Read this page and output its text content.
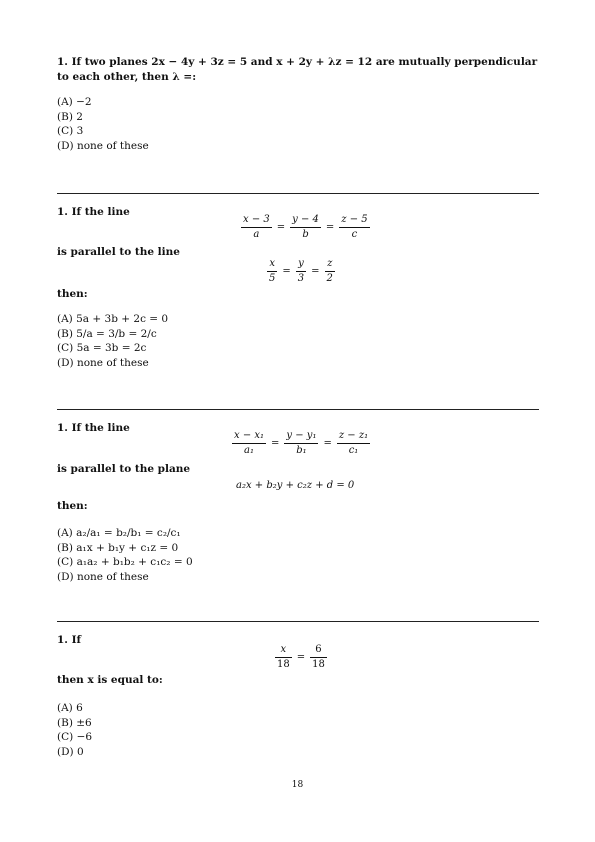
1. If two planes 2x − 4y + 3z = 5 and x + 2y + λz = 12 are mutually perpendicular to each other, then λ =:
(A) −2
(B) 2
(C) 3
(D) none of these
1. If the line
$\frac{x - 3}{a} = \frac{y - 4}{b} = \frac{z - 5}{c}$
is parallel to the line
$\frac{x}{5} = \frac{y}{3} = \frac{z}{2}$
then:
(A) 5a + 3b + 2c = 0
(B) 5/a = 3/b = 2/c
(C) 5a = 3b = 2c
(D) none of these
1. If the line
$\frac{\text{x − x₁}}{\text{a₁}} = \frac{\text{y − y₁}}{\text{b₁}} = \frac{\text{z − z₁}}{\text{c₁}}$
is parallel to the plane
a₂x + b₂y + c₂z + d = 0
then:
(A) a₂/a₁ = b₂/b₁ = c₂/c₁
(B) a₁x + b₁y + c₁z = 0
(C) a₁a₂ + b₁b₂ + c₁c₂ = 0
(D) none of these
1. If
$\frac{x}{18} = \frac{6}{18}$
then x is equal to:
(A) 6
(B) ±6
(C) −6
(D) 0
18
